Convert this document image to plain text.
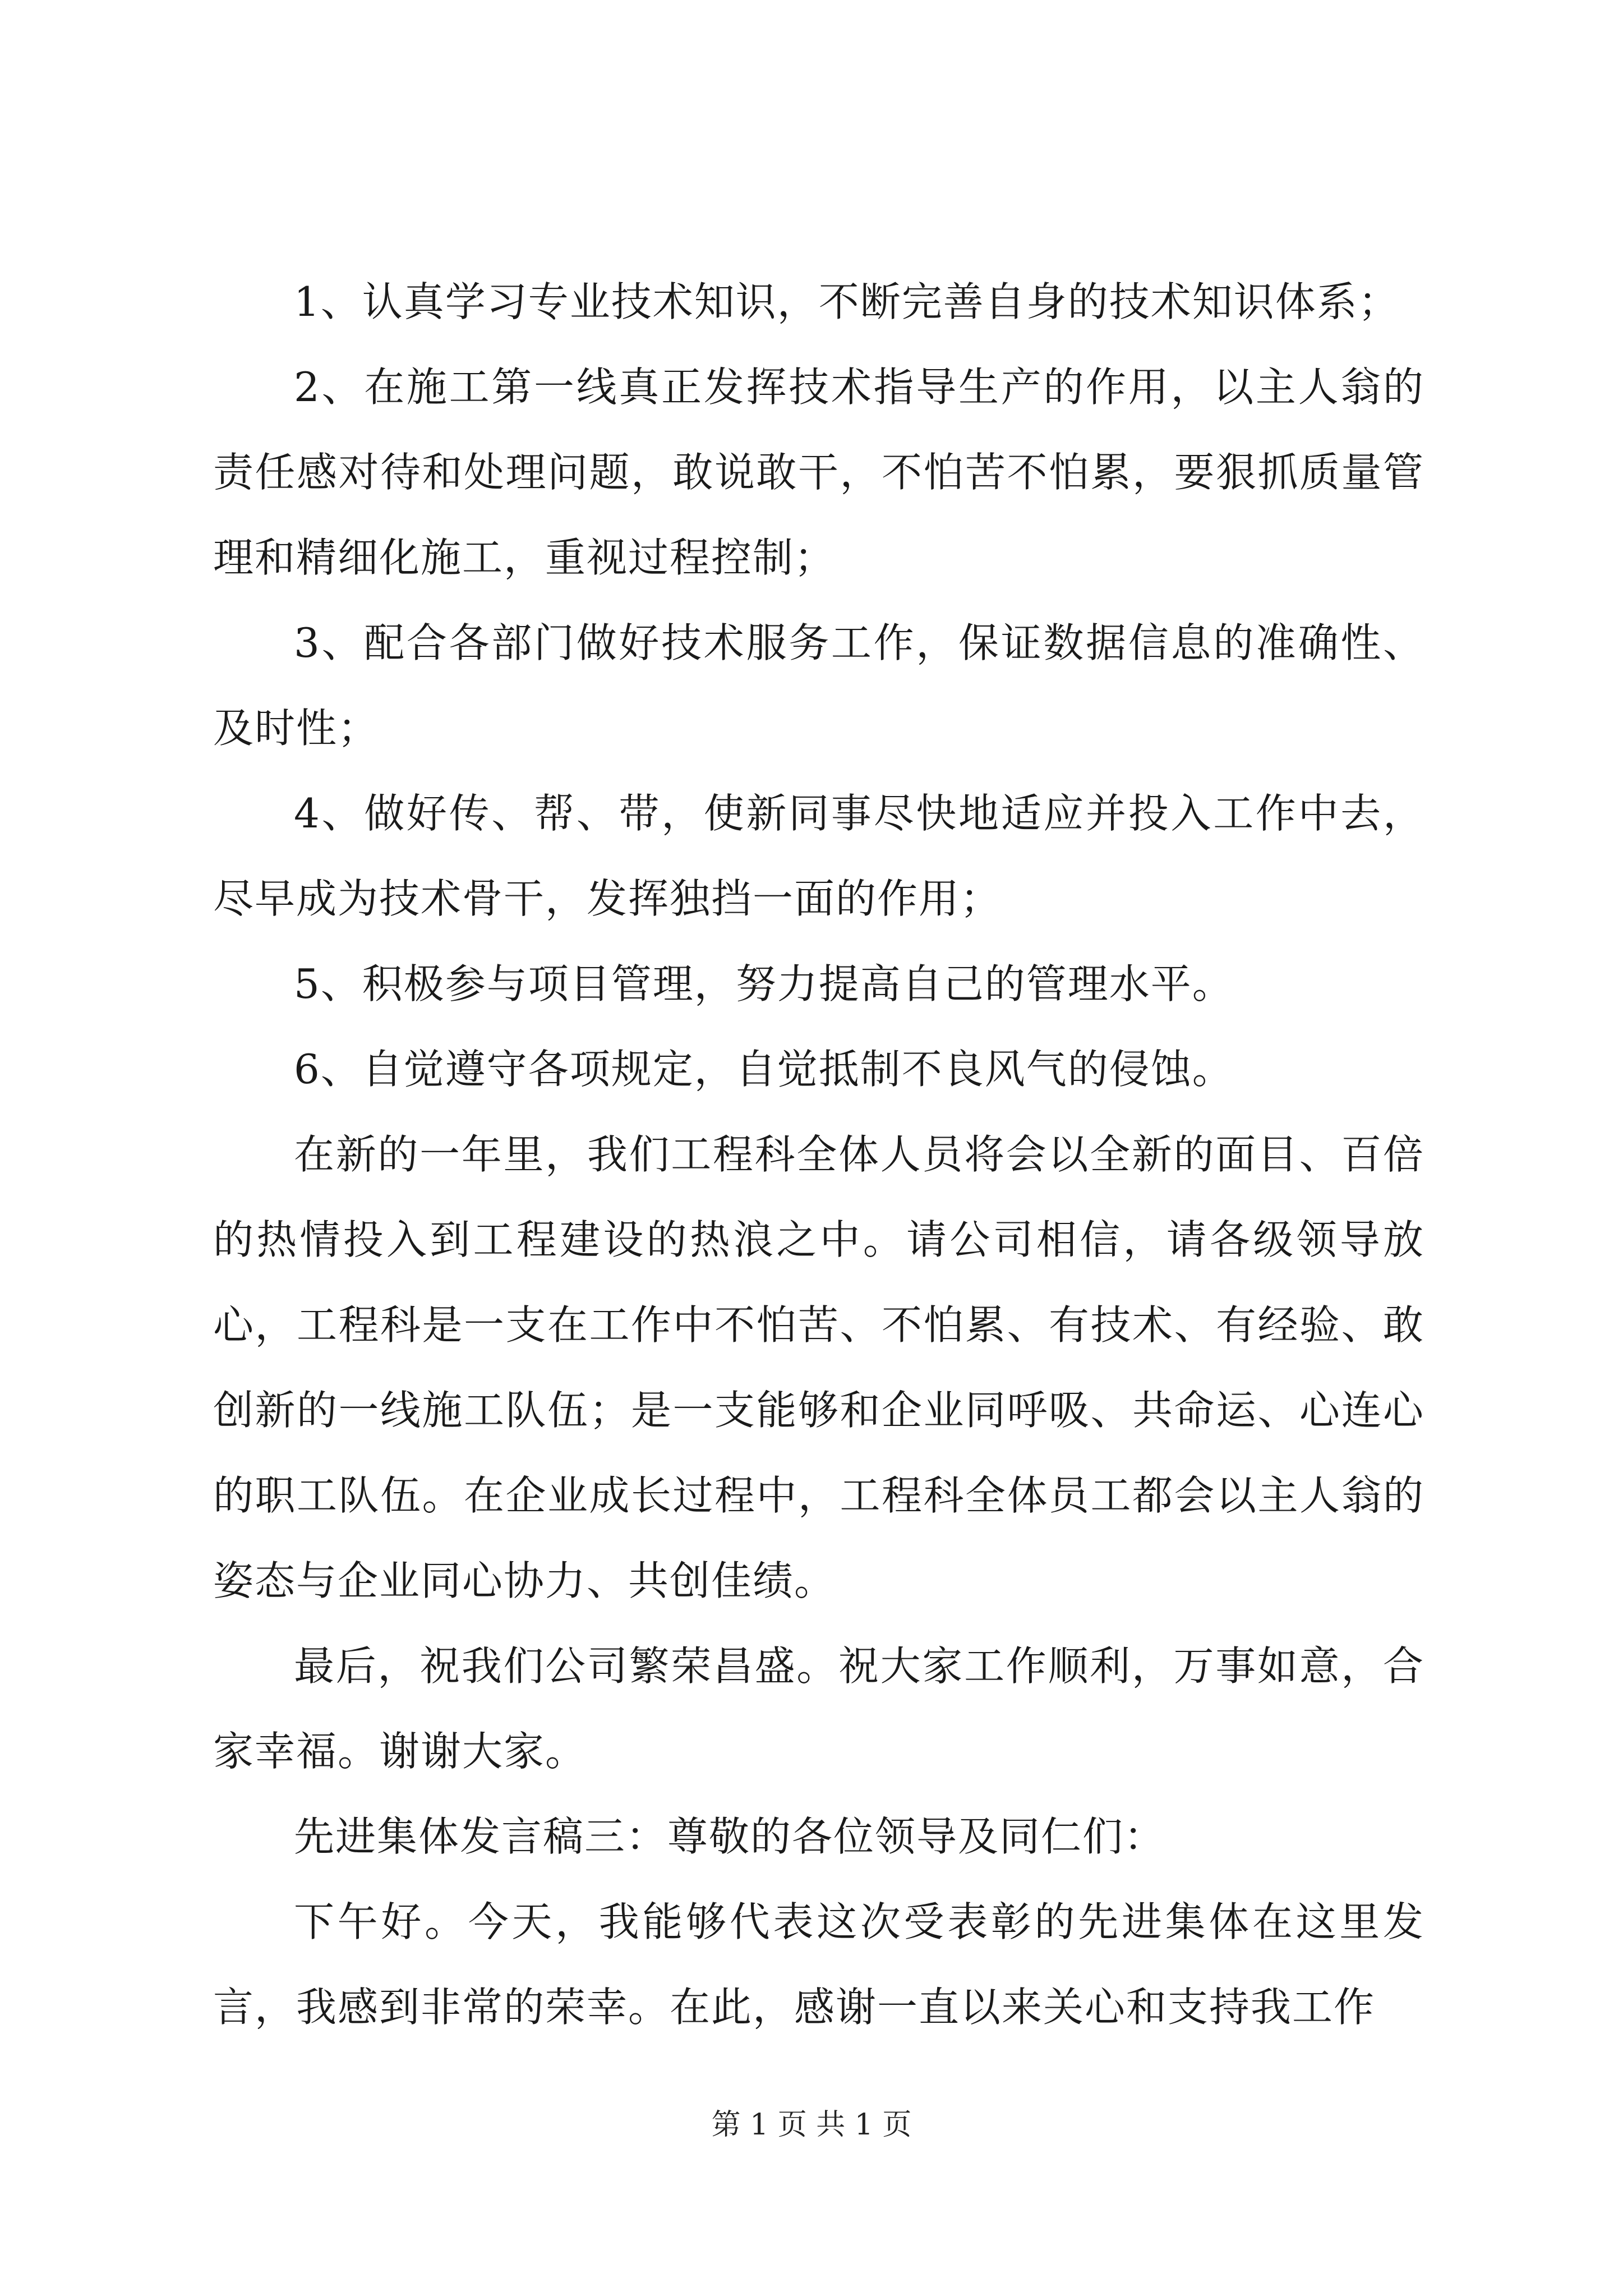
1、认真学习专业技术知识，不断完善自身的技术知识体系；

2、在施工第一线真正发挥技术指导生产的作用，以主人翁的责任感对待和处理问题，敢说敢干，不怕苦不怕累，要狠抓质量管理和精细化施工，重视过程控制；

3、配合各部门做好技术服务工作，保证数据信息的准确性、及时性；

4、做好传、帮、带，使新同事尽快地适应并投入工作中去，尽早成为技术骨干，发挥独挡一面的作用；

5、积极参与项目管理，努力提高自己的管理水平。

6、自觉遵守各项规定，自觉抵制不良风气的侵蚀。

在新的一年里，我们工程科全体人员将会以全新的面目、百倍的热情投入到工程建设的热浪之中。请公司相信，请各级领导放心，工程科是一支在工作中不怕苦、不怕累、有技术、有经验、敢创新的一线施工队伍；是一支能够和企业同呼吸、共命运、心连心的职工队伍。在企业成长过程中，工程科全体员工都会以主人翁的姿态与企业同心协力、共创佳绩。

最后，祝我们公司繁荣昌盛。祝大家工作顺利，万事如意，合家幸福。谢谢大家。

先进集体发言稿三：尊敬的各位领导及同仁们：

下午好。今天，我能够代表这次受表彰的先进集体在这里发言，我感到非常的荣幸。在此，感谢一直以来关心和支持我工作

第 1 页 共 1 页
